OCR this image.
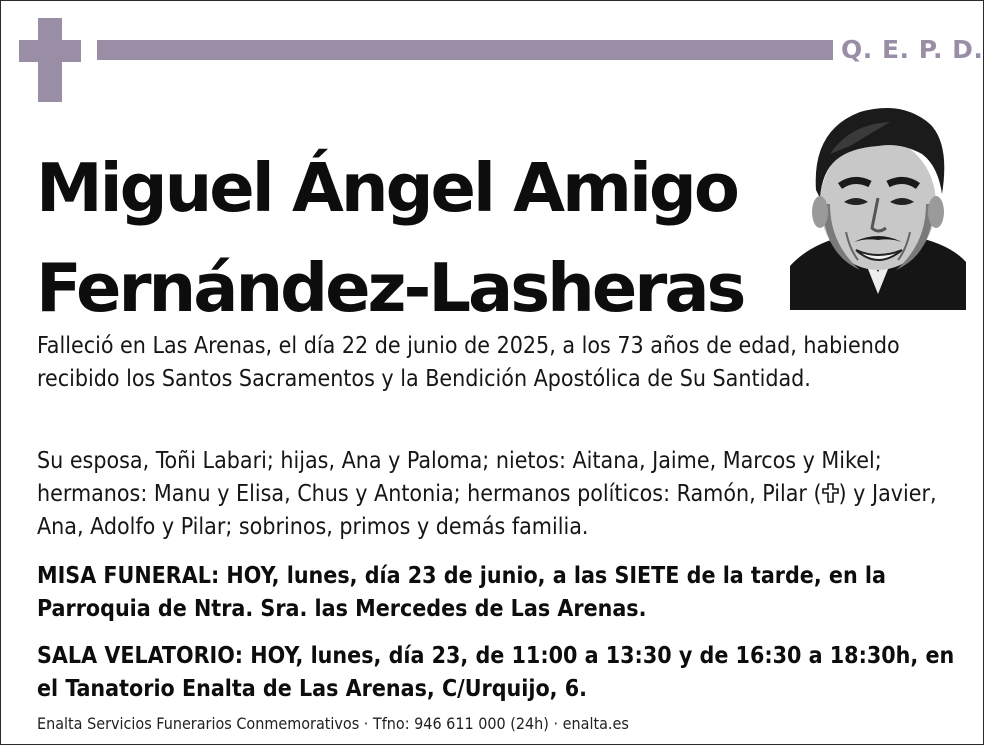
Q. E. P. D.
Miguel Ángel Amigo
Fernández-Lasheras
Falleció en Las Arenas, el día 22 de junio de 2025, a los 73 años de edad, habiendo recibido los Santos Sacramentos y la Bendición Apostólica de Su Santidad.
Su esposa, Toñi Labari; hijas, Ana y Paloma; nietos: Aitana, Jaime, Marcos y Mikel; hermanos: Manu y Elisa, Chus y Antonia; hermanos políticos: Ramón, Pilar ( ) y Javier, Ana, Adolfo y Pilar; sobrinos, primos y demás familia.
MISA FUNERAL: HOY, lunes, día 23 de junio, a las SIETE de la tarde, en la Parroquia de Ntra. Sra. las Mercedes de Las Arenas.
SALA VELATORIO: HOY, lunes, día 23, de 11:00 a 13:30 y de 16:30 a 18:30h, en el Tanatorio Enalta de Las Arenas, C/Urquijo, 6.
Enalta Servicios Funerarios Conmemorativos · Tfno: 946 611 000 (24h) · enalta.es
